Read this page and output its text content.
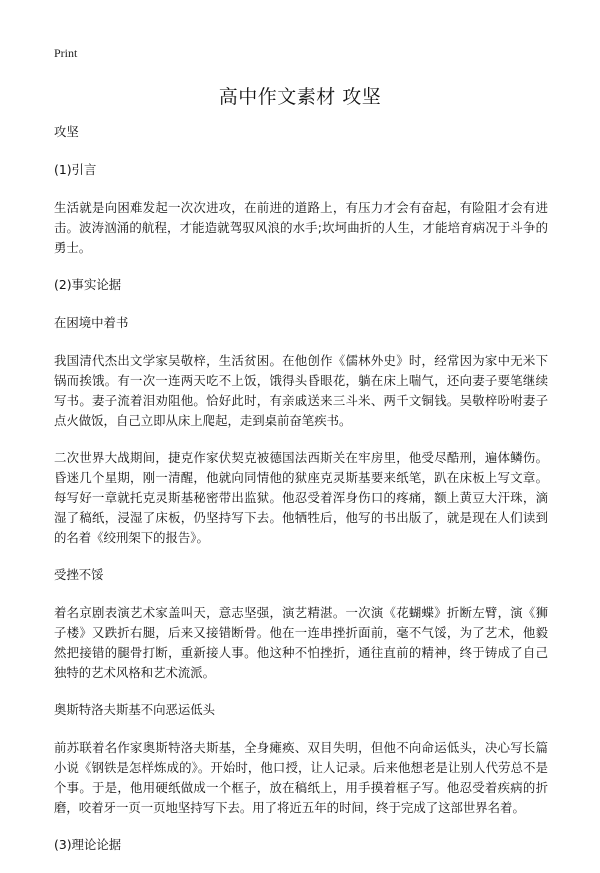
Print
高中作文素材 攻坚

攻坚

(1)引言

生活就是向困难发起一次次进攻，在前进的道路上，有压力才会有奋起，有险阻才会有进击。波涛汹涌的航程，才能造就驾驭风浪的水手;坎坷曲折的人生，才能培育病况于斗争的勇士。

(2)事实论据

在困境中着书

我国清代杰出文学家吴敬梓，生活贫困。在他创作《儒林外史》时，经常因为家中无米下锅而挨饿。有一次一连两天吃不上饭，饿得头昏眼花，躺在床上喘气，还向妻子要笔继续写书。妻子流着泪劝阻他。恰好此时，有亲戚送来三斗米、两千文铜钱。吴敬梓吩咐妻子点火做饭，自己立即从床上爬起，走到桌前奋笔疾书。

二次世界大战期间，捷克作家伏契克被德国法西斯关在牢房里，他受尽酷刑，遍体鳞伤。昏迷几个星期，刚一清醒，他就向同情他的狱座克灵斯基要来纸笔，趴在床板上写文章。每写好一章就托克灵斯基秘密带出监狱。他忍受着浑身伤口的疼痛，额上黄豆大汗珠，滴湿了稿纸，浸湿了床板，仍坚持写下去。他牺牲后，他写的书出版了，就是现在人们读到的名着《绞刑架下的报告》。

受挫不馁

着名京剧表演艺术家盖叫天，意志坚强，演艺精湛。一次演《花蝴蝶》折断左臂，演《狮子楼》又跌折右腿，后来又接错断骨。他在一连串挫折面前，毫不气馁，为了艺术，他毅然把接错的腿骨打断，重新接人事。他这种不怕挫折，通往直前的精神，终于铸成了自己独特的艺术风格和艺术流派。

奥斯特洛夫斯基不向恶运低头

前苏联着名作家奥斯特洛夫斯基，全身瘫痪、双目失明，但他不向命运低头，决心写长篇小说《钢铁是怎样炼成的》。开始时，他口授，让人记录。后来他想老是让别人代劳总不是个事。于是，他用硬纸做成一个框子，放在稿纸上，用手摸着框子写。他忍受着疾病的折磨，咬着牙一页一页地坚持写下去。用了将近五年的时间，终于完成了这部世界名着。

(3)理论论据
